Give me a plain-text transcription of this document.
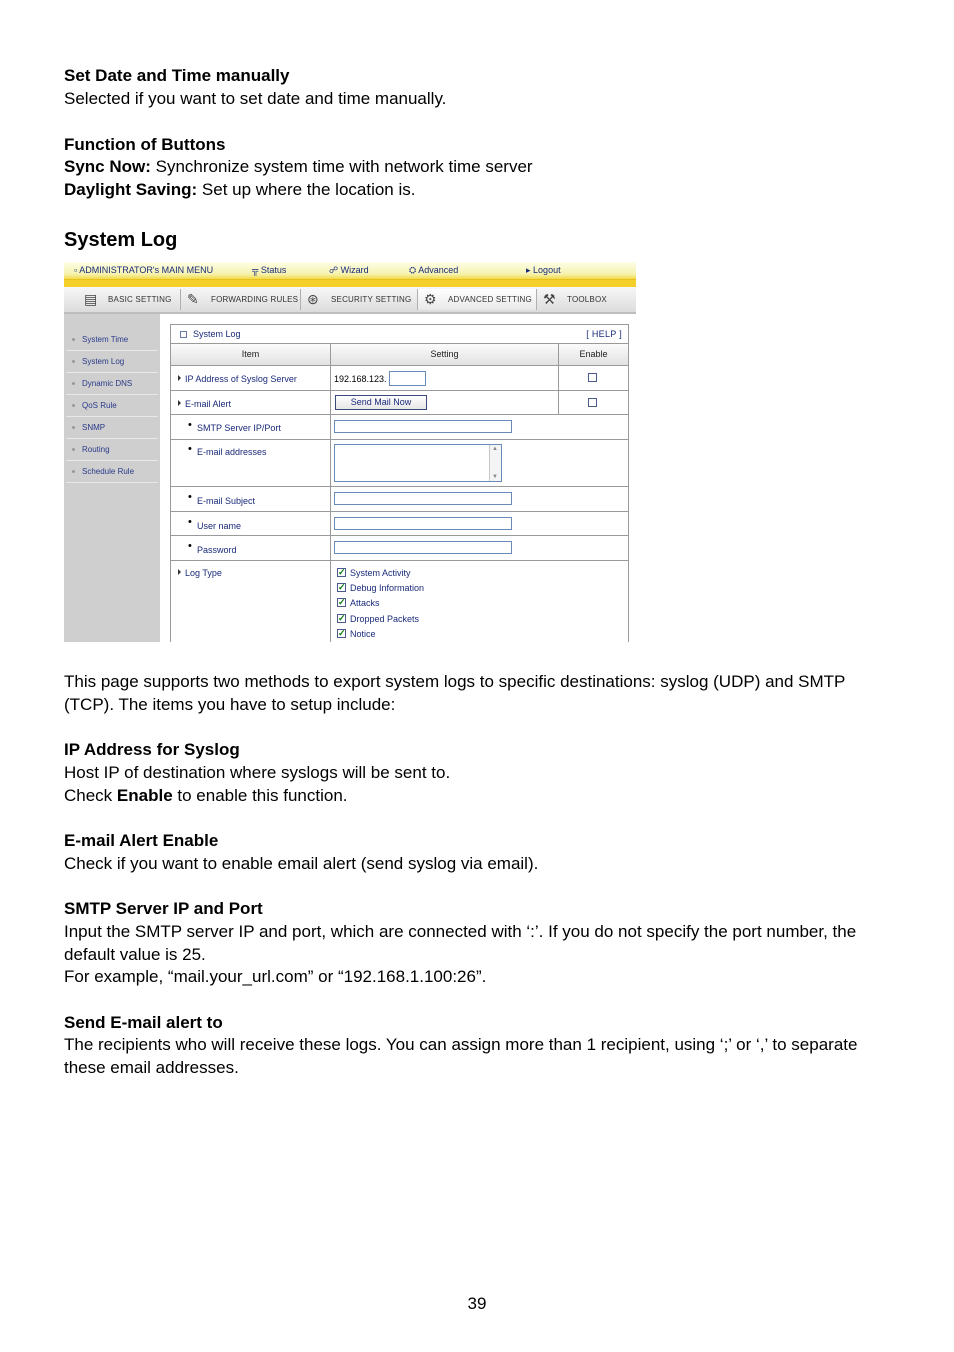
Set Date and Time manually

Selected if you want to set date and time manually.

Function of Buttons

Sync Now: Synchronize system time with network time server

Daylight Saving: Set up where the location is.

System Log
▫ ADMINISTRATOR's MAIN MENU	╦ Status	☍ Wizard	⛭ Advanced	▸ Logout
▤ BASIC SETTING ✎ FORWARDING RULES ⊛ SECURITY SETTING ⚙ ADVANCED SETTING ⚒ TOOLBOX
System Time
System Log
Dynamic DNS
QoS Rule
SNMP
Routing
Schedule Rule
System Log	[ HELP ]
Item	Setting	Enable
IP Address of Syslog Server	192.168.123.
E-mail Alert	Send Mail Now
• SMTP Server IP/Port
• E-mail addresses	▲
▼
• E-mail Subject
• User name
• Password
Log Type	✓ System Activity
✓ Debug Information
✓ Attacks
✓ Dropped Packets
✓ Notice

This page supports two methods to export system logs to specific destinations: syslog (UDP) and SMTP (TCP). The items you have to setup include:

IP Address for Syslog

Host IP of destination where syslogs will be sent to.

Check Enable to enable this function.

E-mail Alert Enable

Check if you want to enable email alert (send syslog via email).

SMTP Server IP and Port

Input the SMTP server IP and port, which are connected with ‘:’. If you do not specify the port number, the default value is 25.

For example, “mail.your_url.com” or “192.168.1.100:26”.

Send E-mail alert to

The recipients who will receive these logs. You can assign more than 1 recipient, using ‘;’ or ‘,’ to separate these email addresses.

39
